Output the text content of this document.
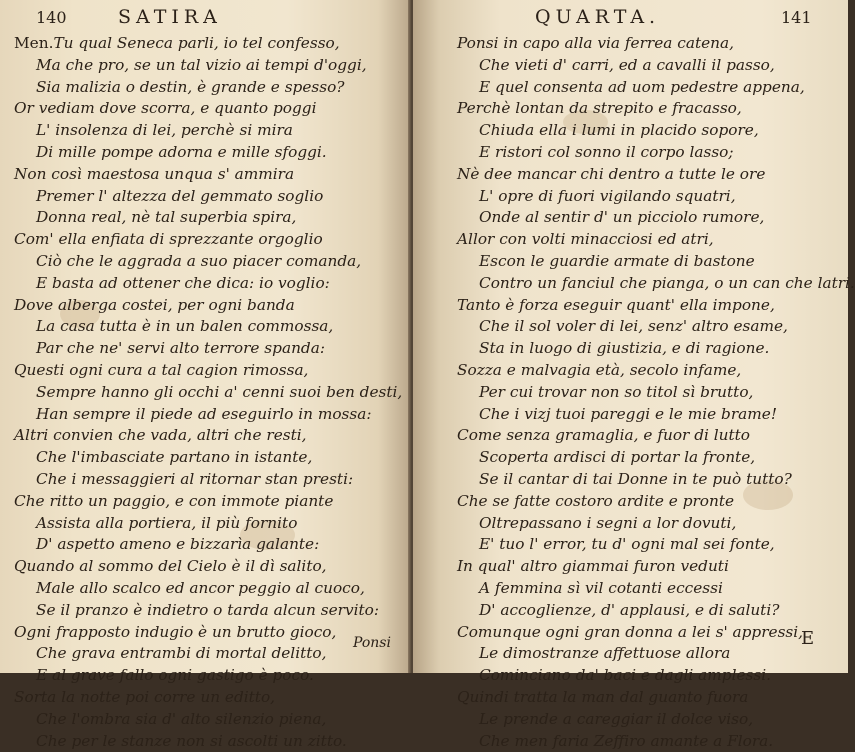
140	SATIRA
Men.Tu qual Seneca parli, io tel confesso,
Ma che pro, se un tal vizio ai tempi d'oggi,
Sia malizia o destin, è grande e spesso?
Or vediam dove scorra, e quanto poggi
L' insolenza di lei, perchè si mira
Di mille pompe adorna e mille sfoggi.
Non così maestosa unqua s' ammira
Premer l' altezza del gemmato soglio
Donna real, nè tal superbia spira,
Com' ella enfiata di sprezzante orgoglio
Ciò che le aggrada a suo piacer comanda,
E basta ad ottener che dica: io voglio:
Dove alberga costei, per ogni banda
La casa tutta è in un balen commossa,
Par che ne' servi alto terrore spanda:
Questi ogni cura a tal cagion rimossa,
Sempre hanno gli occhi a' cenni suoi ben desti,
Han sempre il piede ad eseguirlo in mossa:
Altri convien che vada, altri che resti,
Che l'imbasciate partano in istante,
Che i messaggieri al ritornar stan presti:
Che ritto un paggio, e con immote piante
Assista alla portiera, il più fornito
D' aspetto ameno e bizzarìa galante:
Quando al sommo del Cielo è il dì salito,
Male allo scalco ed ancor peggio al cuoco,
Se il pranzo è indietro o tarda alcun servito:
Ogni frapposto indugio è un brutto gioco,
Che grava entrambi di mortal delitto,
E al grave fallo ogni gastigo è poco.
Sorta la notte poi corre un editto,
Che l'ombra sia d' alto silenzio piena,
Che per le stanze non si ascolti un zitto.
Ponsi
QUARTA.	141
Ponsi in capo alla via ferrea catena,
Che vieti d' carri, ed a cavalli il passo,
E quel consenta ad uom pedestre appena,
Perchè lontan da strepito e fracasso,
Chiuda ella i lumi in placido sopore,
E ristori col sonno il corpo lasso;
Nè dee mancar chi dentro a tutte le ore
L' opre di fuori vigilando squatri,
Onde al sentir d' un picciolo rumore,
Allor con volti minacciosi ed atri,
Escon le guardie armate di bastone
Contro un fanciul che pianga, o un can che latri.
Tanto è forza eseguir quant' ella impone,
Che il sol voler di lei, senz' altro esame,
Sta in luogo di giustizia, e di ragione.
Sozza e malvagia età, secolo infame,
Per cui trovar non so titol sì brutto,
Che i vizj tuoi pareggi e le mie brame!
Come senza gramaglia, e fuor di lutto
Scoperta ardisci di portar la fronte,
Se il cantar di tai Donne in te può tutto?
Che se fatte costoro ardite e pronte
Oltrepassano i segni a lor dovuti,
E' tuo l' error, tu d' ogni mal sei fonte,
In qual' altro giammai furon veduti
A femmina sì vil cotanti eccessi
D' accoglienze, d' applausi, e di saluti?
Comunque ogni gran donna a lei s' appressi,
Le dimostranze affettuose allora
Cominciano da' baci e dagli amplessi.
Quindi tratta la man dal guanto fuora
Le prende a careggiar il dolce viso,
Che men faria Zeffiro amante a Flora.
E
